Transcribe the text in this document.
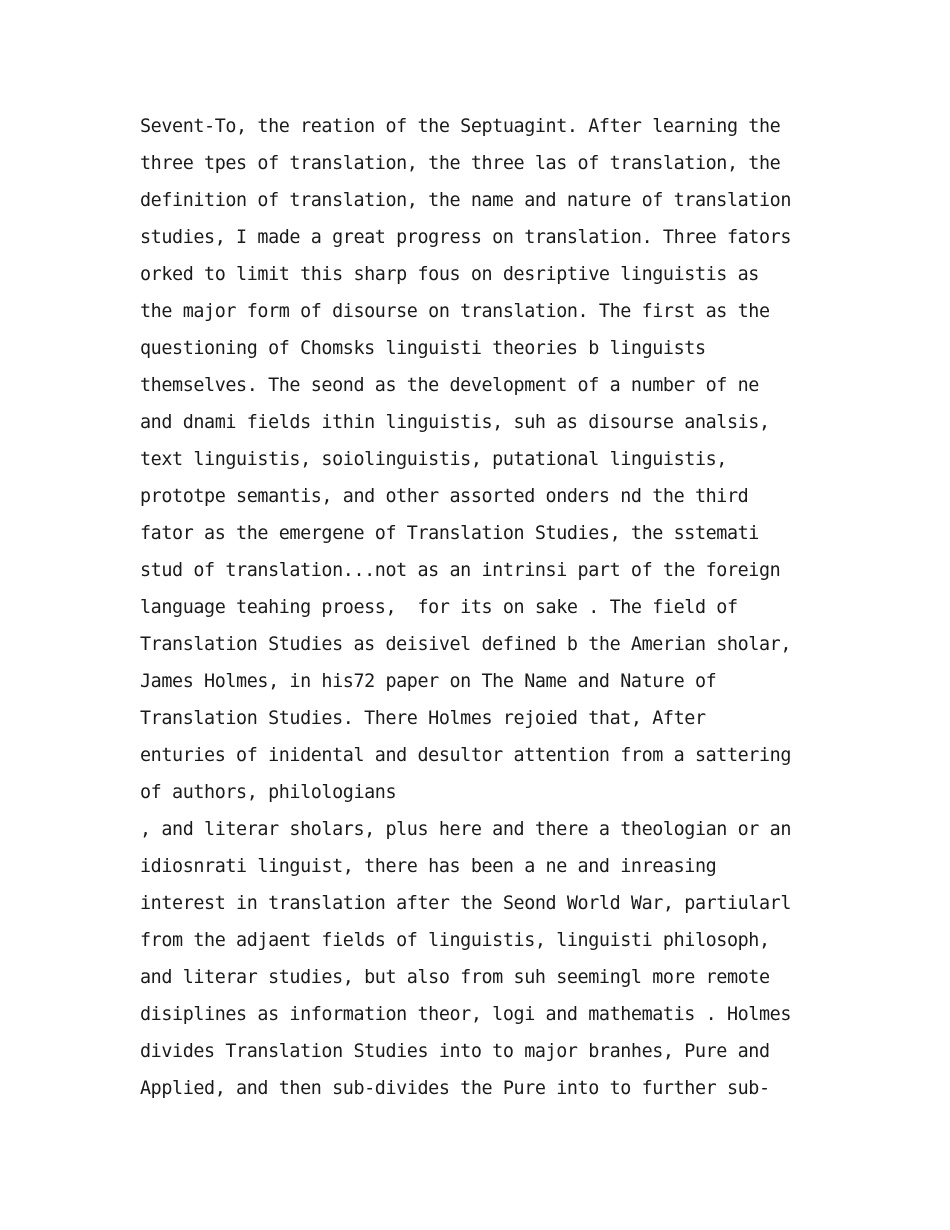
Sevent-To, the reation of the Septuagint. After learning the
three tpes of translation, the three las of translation, the
definition of translation, the name and nature of translation
studies, I made a great progress on translation. Three fators
orked to limit this sharp fous on desriptive linguistis as
the major form of disourse on translation. The first as the
questioning of Chomsks linguisti theories b linguists
themselves. The seond as the development of a number of ne
and dnami fields ithin linguistis, suh as disourse analsis,
text linguistis, soiolinguistis, putational linguistis,
prototpe semantis, and other assorted onders nd the third
fator as the emergene of Translation Studies, the sstemati
stud of translation...not as an intrinsi part of the foreign
language teahing proess,  for its on sake . The field of
Translation Studies as deisivel defined b the Amerian sholar,
James Holmes, in his72 paper on The Name and Nature of
Translation Studies. There Holmes rejoied that, After
enturies of inidental and desultor attention from a sattering
of authors, philologians
, and literar sholars, plus here and there a theologian or an
idiosnrati linguist, there has been a ne and inreasing
interest in translation after the Seond World War, partiularl
from the adjaent fields of linguistis, linguisti philosoph,
and literar studies, but also from suh seemingl more remote
disiplines as information theor, logi and mathematis . Holmes
divides Translation Studies into to major branhes, Pure and
Applied, and then sub-divides the Pure into to further sub-
